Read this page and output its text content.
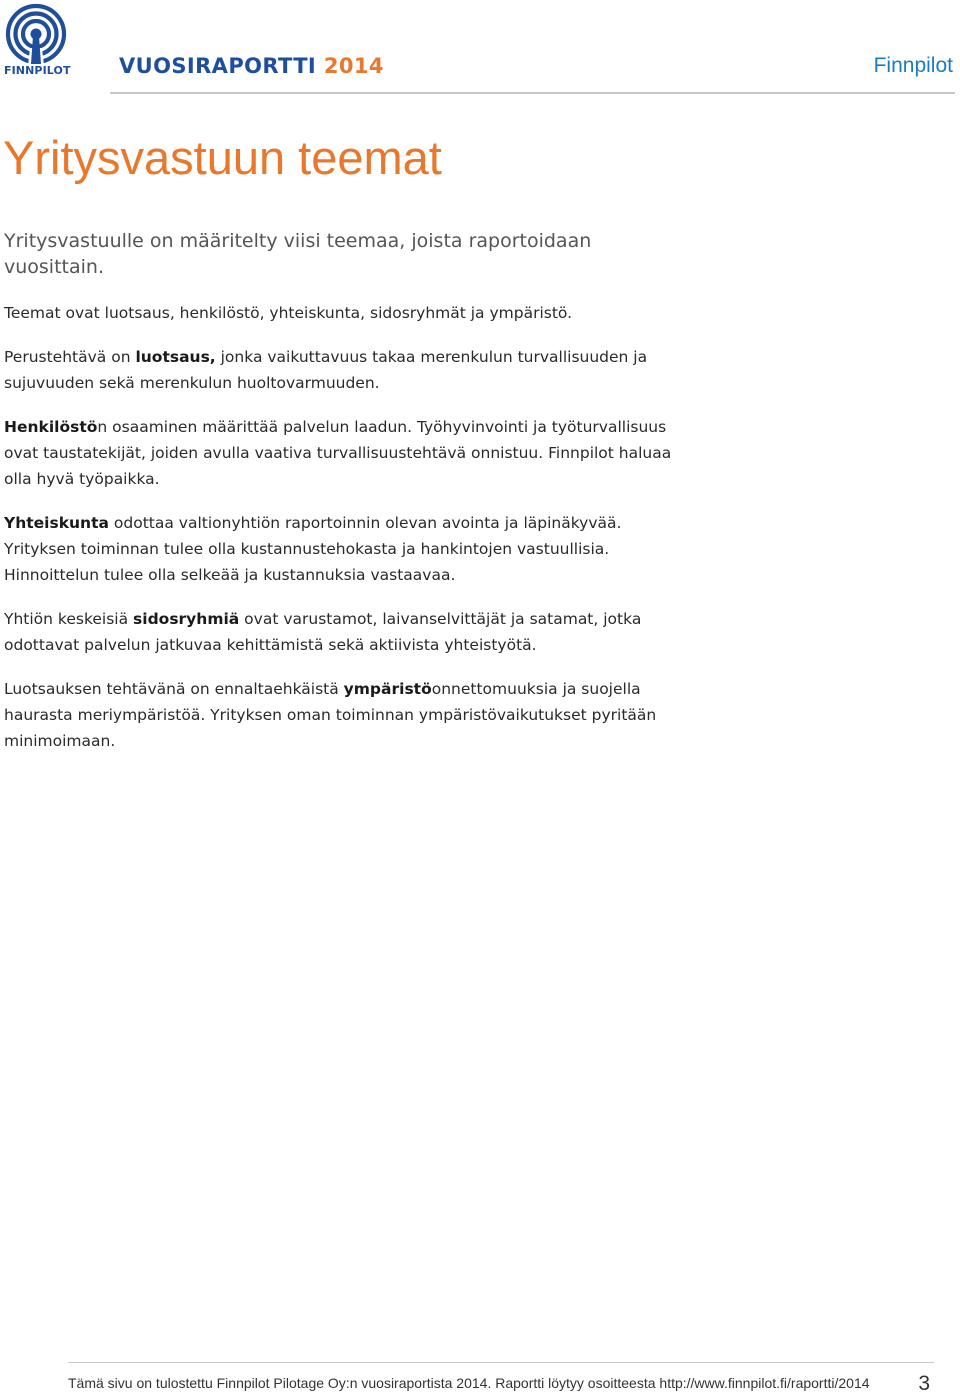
FINNPILOT VUOSIRAPORTTI 2014	Finnpilot
Yritysvastuun teemat

Yritysvastuulle on määritelty viisi teemaa, joista raportoidaan vuosittain.

Teemat ovat luotsaus, henkilöstö, yhteiskunta, sidosryhmät ja ympäristö.

Perustehtävä on luotsaus, jonka vaikuttavuus takaa merenkulun turvallisuuden ja sujuvuuden sekä merenkulun huoltovarmuuden.

Henkilöstön osaaminen määrittää palvelun laadun. Työhyvinvointi ja työturvallisuus ovat taustatekijät, joiden avulla vaativa turvallisuustehtävä onnistuu. Finnpilot haluaa olla hyvä työpaikka.

Yhteiskunta odottaa valtionyhtiön raportoinnin olevan avointa ja läpinäkyvää. Yrityksen toiminnan tulee olla kustannustehokasta ja hankintojen vastuullisia. Hinnoittelun tulee olla selkeää ja kustannuksia vastaavaa.

Yhtiön keskeisiä sidosryhmiä ovat varustamot, laivanselvittäjät ja satamat, jotka odottavat palvelun jatkuvaa kehittämistä sekä aktiivista yhteistyötä.

Luotsauksen tehtävänä on ennaltaehkäistä ympäristöonnettomuuksia ja suojella haurasta meriympäristöä. Yrityksen oman toiminnan ympäristövaikutukset pyritään minimoimaan.

Tämä sivu on tulostettu Finnpilot Pilotage Oy:n vuosiraportista 2014. Raportti löytyy osoitteesta http://www.finnpilot.fi/raportti/2014 3
